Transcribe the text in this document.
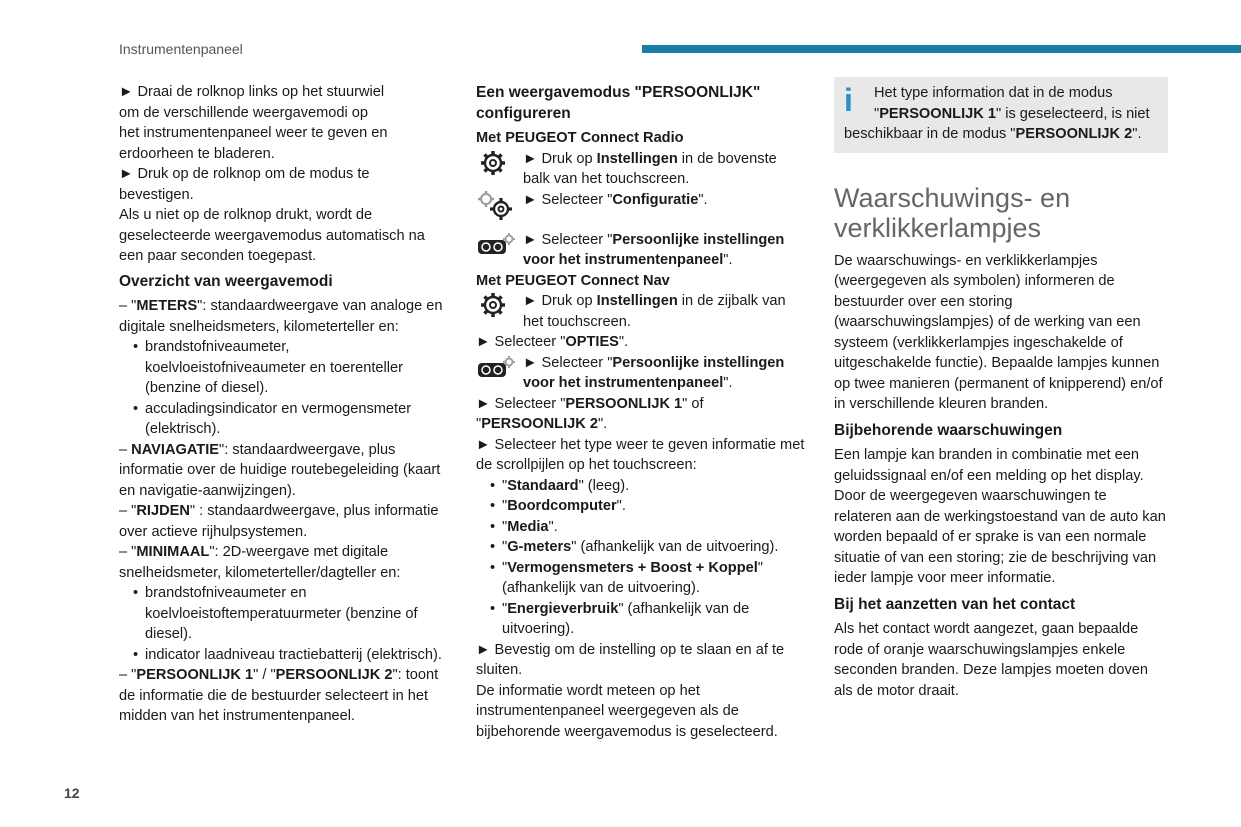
Instrumentenpaneel

► Draai de rolknop links op het stuurwiel

om de verschillende weergavemodi op

het instrumentenpaneel weer te geven en

erdoorheen te bladeren.

► Druk op de rolknop om de modus te

bevestigen.

Als u niet op de rolknop drukt, wordt de

geselecteerde weergavemodus automatisch na

een paar seconden toegepast.

Overzicht van weergavemodi

– "METERS": standaardweergave van analoge en digitale snelheidsmeters, kilometerteller en:

• brandstofniveaumeter, koelvloeistofniveaumeter en toerenteller (benzine of diesel).

• acculadingsindicator en vermogensmeter (elektrisch).

– NAVIAGATIE": standaardweergave, plus informatie over de huidige routebegeleiding (kaart en navigatie-aanwijzingen).

– "RIJDEN" : standaardweergave, plus informatie over actieve rijhulpsystemen.

– "MINIMAAL": 2D-weergave met digitale snelheidsmeter, kilometerteller/dagteller en:

• brandstofniveaumeter en koelvloeistoftemperatuurmeter (benzine of diesel).

• indicator laadniveau tractiebatterij (elektrisch).

– "PERSOONLIJK 1" / "PERSOONLIJK 2": toont de informatie die de bestuurder selecteert in het midden van het instrumentenpaneel.

Een weergavemodus "PERSOONLIJK" configureren

Met PEUGEOT Connect Radio

► Druk op Instellingen in de bovenste balk van het touchscreen.
► Selecteer "Configuratie".
► Selecteer "Persoonlijke instellingen voor het instrumentenpaneel".

Met PEUGEOT Connect Nav

► Druk op Instellingen in de zijbalk van het touchscreen.

► Selecteer "OPTIES".

► Selecteer "Persoonlijke instellingen voor het instrumentenpaneel".

► Selecteer "PERSOONLIJK 1" of "PERSOONLIJK 2".

► Selecteer het type weer te geven informatie met de scrollpijlen op het touchscreen:

• "Standaard" (leeg).

• "Boordcomputer".

• "Media".

• "G-meters" (afhankelijk van de uitvoering).

• "Vermogensmeters + Boost + Koppel" (afhankelijk van de uitvoering).

• "Energieverbruik" (afhankelijk van de uitvoering).

► Bevestig om de instelling op te slaan en af te sluiten.

De informatie wordt meteen op het instrumentenpaneel weergegeven als de bijbehorende weergavemodus is geselecteerd.

i	Het type information dat in de modus "PERSOONLIJK 1" is geselecteerd, is niet beschikbaar in de modus "PERSOONLIJK 2".

Waarschuwings- en verklikkerlampjes

De waarschuwings- en verklikkerlampjes (weergegeven als symbolen) informeren de bestuurder over een storing (waarschuwingslampjes) of de werking van een systeem (verklikkerlampjes ingeschakelde of uitgeschakelde functie). Bepaalde lampjes kunnen op twee manieren (permanent of knipperend) en/of in verschillende kleuren branden.

Bijbehorende waarschuwingen

Een lampje kan branden in combinatie met een geluidssignaal en/of een melding op het display. Door de weergegeven waarschuwingen te relateren aan de werkingstoestand van de auto kan worden bepaald of er sprake is van een normale situatie of van een storing; zie de beschrijving van ieder lampje voor meer informatie.

Bij het aanzetten van het contact

Als het contact wordt aangezet, gaan bepaalde rode of oranje waarschuwingslampjes enkele seconden branden. Deze lampjes moeten doven als de motor draait.

12
